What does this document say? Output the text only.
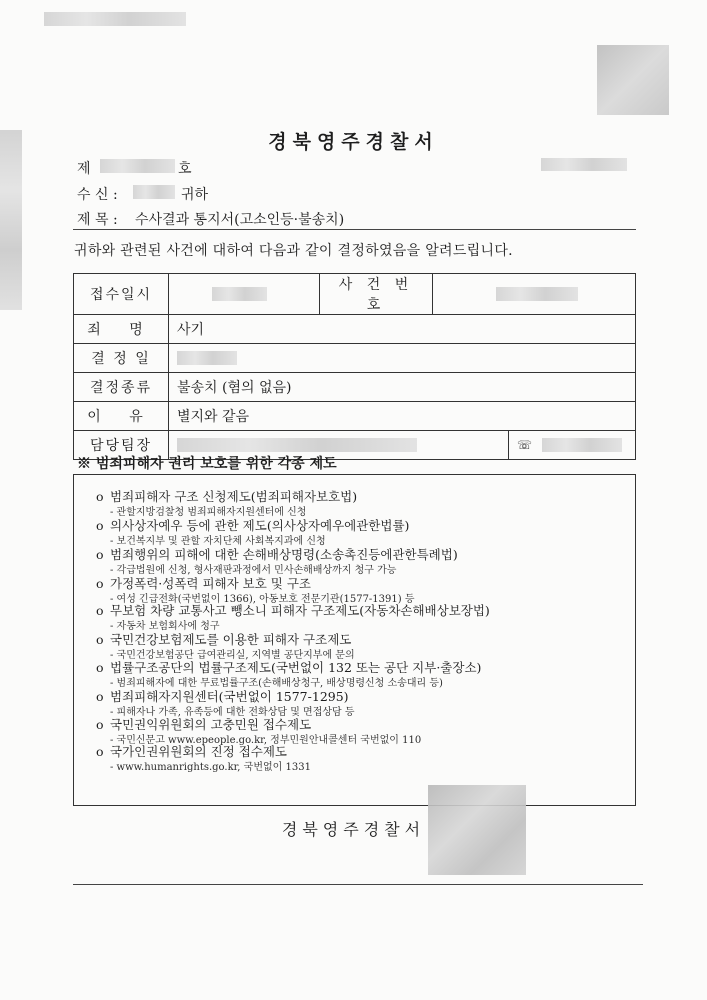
경북영주경찰서
제	호
수 신 :	귀하
제 목 : 수사결과 통지서(고소인등·불송치)
귀하와 관련된 사건에 대하여 다음과 같이 결정하였음을 알려드립니다.
접수일시		사 건 번 호		
죄 명	사기			
결 정 일				
결정종류	불송치 (혐의 없음)			
이 유	별지와 같음			
담당팀장				☏
※ 범죄피해자 권리 보호를 위한 각종 제도
o 범죄피해자 구조 신청제도(범죄피해자보호법)
- 관할지방검찰청 범죄피해자지원센터에 신청
o 의사상자예우 등에 관한 제도(의사상자예우에관한법률)
- 보건복지부 및 관할 자치단체 사회복지과에 신청
o 범죄행위의 피해에 대한 손해배상명령(소송촉진등에관한특례법)
- 각급법원에 신청, 형사재판과정에서 민사손해배상까지 청구 가능
o 가정폭력·성폭력 피해자 보호 및 구조
- 여성 긴급전화(국번없이 1366), 아동보호 전문기관(1577-1391) 등
o 무보험 차량 교통사고 뺑소니 피해자 구조제도(자동차손해배상보장법)
- 자동차 보험회사에 청구
o 국민건강보험제도를 이용한 피해자 구조제도
- 국민건강보험공단 급여관리실, 지역별 공단지부에 문의
o 법률구조공단의 법률구조제도(국번없이 132 또는 공단 지부·출장소)
- 범죄피해자에 대한 무료법률구조(손해배상청구, 배상명령신청 소송대리 등)
o 범죄피해자지원센터(국번없이 1577-1295)
- 피해자나 가족, 유족등에 대한 전화상담 및 면접상담 등
o 국민권익위원회의 고충민원 접수제도
- 국민신문고 www.epeople.go.kr, 정부민원안내콜센터 국번없이 110
o 국가인권위원회의 진정 접수제도
- www.humanrights.go.kr, 국번없이 1331
경북영주경찰서
